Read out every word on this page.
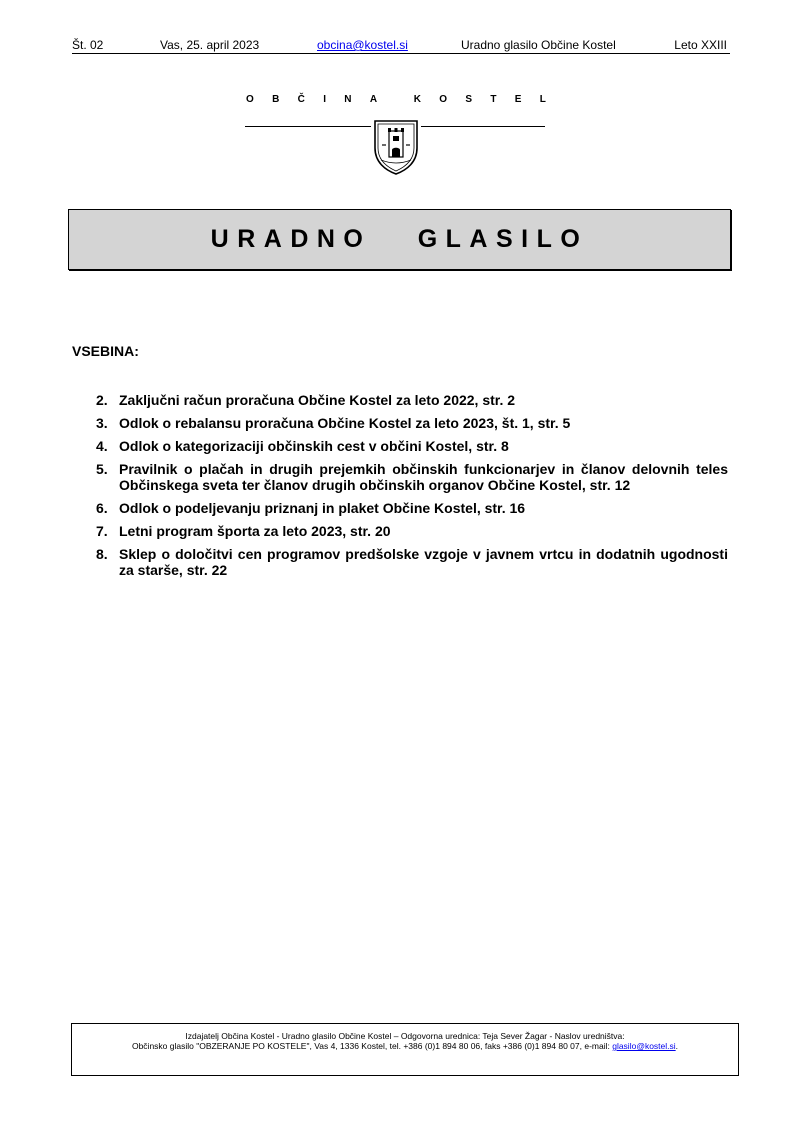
Št. 02	Vas, 25. april 2023	obcina@kostel.si	Uradno glasilo Občine Kostel	Leto XXIII
O B Č I N A	K O S T E L
URADNO   GLASILO
VSEBINA:
2. Zaključni račun proračuna Občine Kostel za leto 2022, str. 2
3. Odlok o rebalansu proračuna Občine Kostel za leto 2023, št. 1, str. 5
4. Odlok o kategorizaciji občinskih cest v občini Kostel, str. 8
5. Pravilnik o plačah in drugih prejemkih občinskih funkcionarjev in članov delovnih teles Občinskega sveta ter članov drugih občinskih organov Občine Kostel, str. 12
6. Odlok o podeljevanju priznanj in plaket Občine Kostel, str. 16
7. Letni program športa za leto 2023, str. 20
8. Sklep o določitvi cen programov predšolske vzgoje v javnem vrtcu in dodatnih ugodnosti za starše, str. 22
Izdajatelj Občina Kostel - Uradno glasilo Občine Kostel – Odgovorna urednica: Teja Sever Žagar - Naslov uredništva:
Občinsko glasilo "OBZERANJE PO KOSTELE", Vas 4, 1336 Kostel, tel. +386 (0)1 894 80 06, faks +386 (0)1 894 80 07, e-mail: glasilo@kostel.si.
